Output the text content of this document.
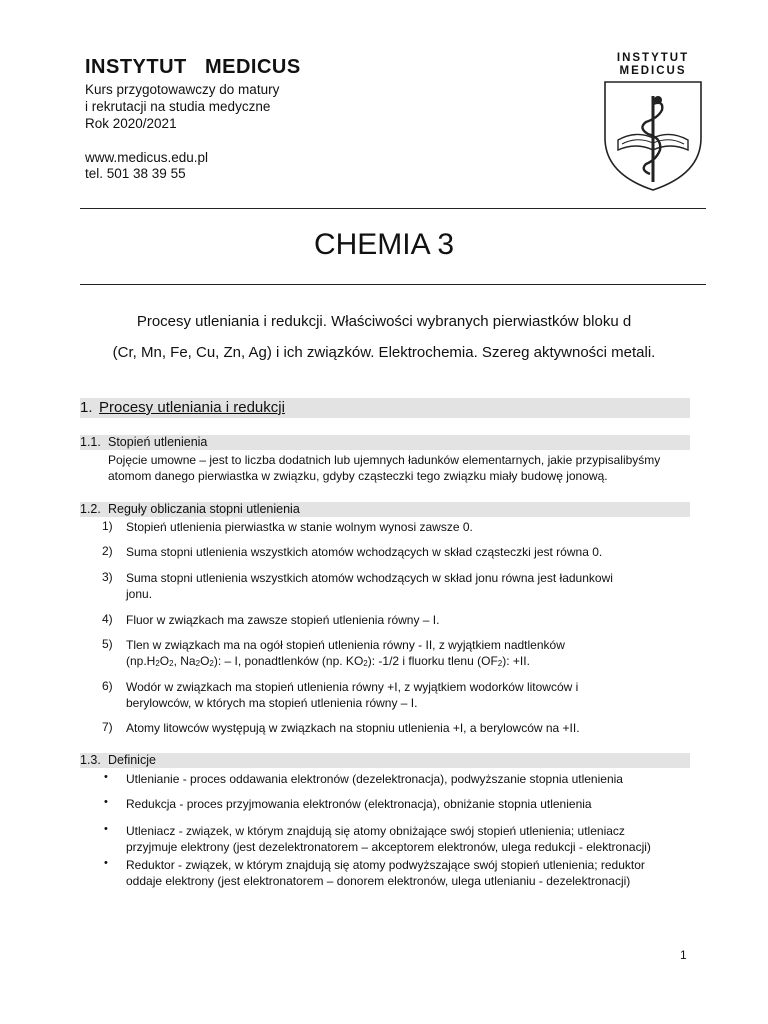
INSTYTUT   MEDICUS
Kurs przygotowawczy do matury
i rekrutacji na studia medyczne
Rok 2020/2021
www.medicus.edu.pl
tel. 501 38 39 55
INSTYTUT
MEDICUS
CHEMIA 3
Procesy utleniania i redukcji. Właściwości wybranych pierwiastków bloku d
(Cr, Mn, Fe, Cu, Zn, Ag) i ich związków. Elektrochemia. Szereg aktywności metali.
1. Procesy utleniania i redukcji
1.1. Stopień utlenienia
Pojęcie umowne – jest to liczba dodatnich lub ujemnych ładunków elementarnych, jakie przypisalibyśmy
atomom danego pierwiastka w związku, gdyby cząsteczki tego związku miały budowę jonową.
1.2. Reguły obliczania stopni utlenienia
1) Stopień utlenienia pierwiastka w stanie wolnym wynosi zawsze 0.
2) Suma stopni utlenienia wszystkich atomów wchodzących w skład cząsteczki jest równa 0.
3) Suma stopni utlenienia wszystkich atomów wchodzących w skład jonu równa jest ładunkowi
jonu.
4) Fluor w związkach ma zawsze stopień utlenienia równy – I.
5) Tlen w związkach ma na ogół stopień utlenienia równy - II, z wyjątkiem nadtlenków
($np.H_2O_2$, $Na_2O_2$): – I, ponadtlenków (np. $KO_2$): -1/2 i fluorku tlenu $(OF_2)$: +II.
6) Wodór w związkach ma stopień utlenienia równy +I, z wyjątkiem wodorków litowców i
berylowców, w których ma stopień utlenienia równy – I.
7) Atomy litowców występują w związkach na stopniu utlenienia +I, a berylowców na +II.
1.3. Definicje
• Utlenianie - proces oddawania elektronów (dezelektronacja), podwyższanie stopnia utlenienia
• Redukcja - proces przyjmowania elektronów (elektronacja), obniżanie stopnia utlenienia
• Utleniacz - związek, w którym znajdują się atomy obniżające swój stopień utlenienia; utleniacz
przyjmuje elektrony (jest dezelektronatorem – akceptorem elektronów, ulega redukcji - elektronacji)
• Reduktor - związek, w którym znajdują się atomy podwyższające swój stopień utlenienia; reduktor
oddaje elektrony (jest elektronatorem – donorem elektronów, ulega utlenianiu - dezelektronacji)
1
